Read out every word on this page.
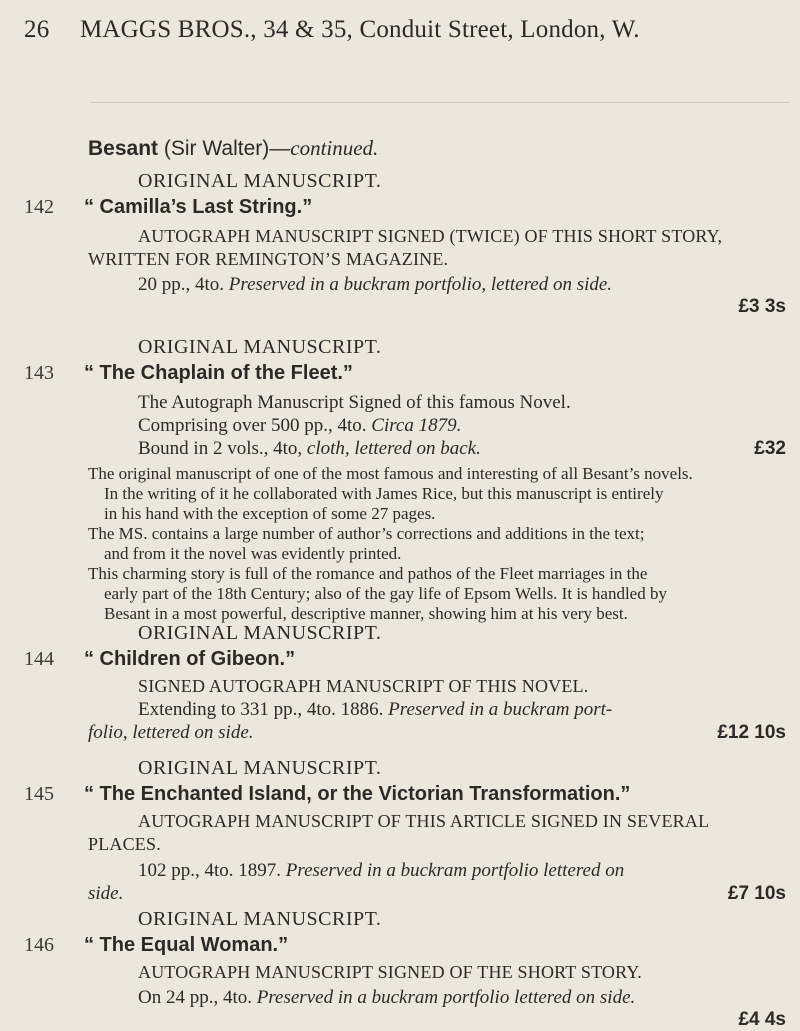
26 MAGGS BROS., 34 & 35, Conduit Street, London, W.
Besant (Sir Walter)—continued.
ORIGINAL MANUSCRIPT.
142 “ Camilla’s Last String.”
AUTOGRAPH MANUSCRIPT SIGNED (TWICE) OF THIS SHORT STORY,
WRITTEN FOR REMINGTON’S MAGAZINE.
20 pp., 4to. Preserved in a buckram portfolio, lettered on side.
£3 3s
ORIGINAL MANUSCRIPT.
143 “ The Chaplain of the Fleet.”
The Autograph Manuscript Signed of this famous Novel.
Comprising over 500 pp., 4to. Circa 1879.
Bound in 2 vols., 4to, cloth, lettered on back.	£32
The original manuscript of one of the most famous and interesting of all Besant’s novels.
In the writing of it he collaborated with James Rice, but this manuscript is entirely
in his hand with the exception of some 27 pages.
The MS. contains a large number of author’s corrections and additions in the text;
and from it the novel was evidently printed.
This charming story is full of the romance and pathos of the Fleet marriages in the
early part of the 18th Century; also of the gay life of Epsom Wells. It is handled by
Besant in a most powerful, descriptive manner, showing him at his very best.
ORIGINAL MANUSCRIPT.
144 “ Children of Gibeon.”
SIGNED AUTOGRAPH MANUSCRIPT OF THIS NOVEL.
Extending to 331 pp., 4to. 1886. Preserved in a buckram port-
folio, lettered on side.	£12 10s
ORIGINAL MANUSCRIPT.
145 “ The Enchanted Island, or the Victorian Transformation.”
AUTOGRAPH MANUSCRIPT OF THIS ARTICLE SIGNED IN SEVERAL
PLACES.
102 pp., 4to. 1897. Preserved in a buckram portfolio lettered on
side.	£7 10s
ORIGINAL MANUSCRIPT.
146 “ The Equal Woman.”
AUTOGRAPH MANUSCRIPT SIGNED OF THE SHORT STORY.
On 24 pp., 4to. Preserved in a buckram portfolio lettered on side.
£4 4s
